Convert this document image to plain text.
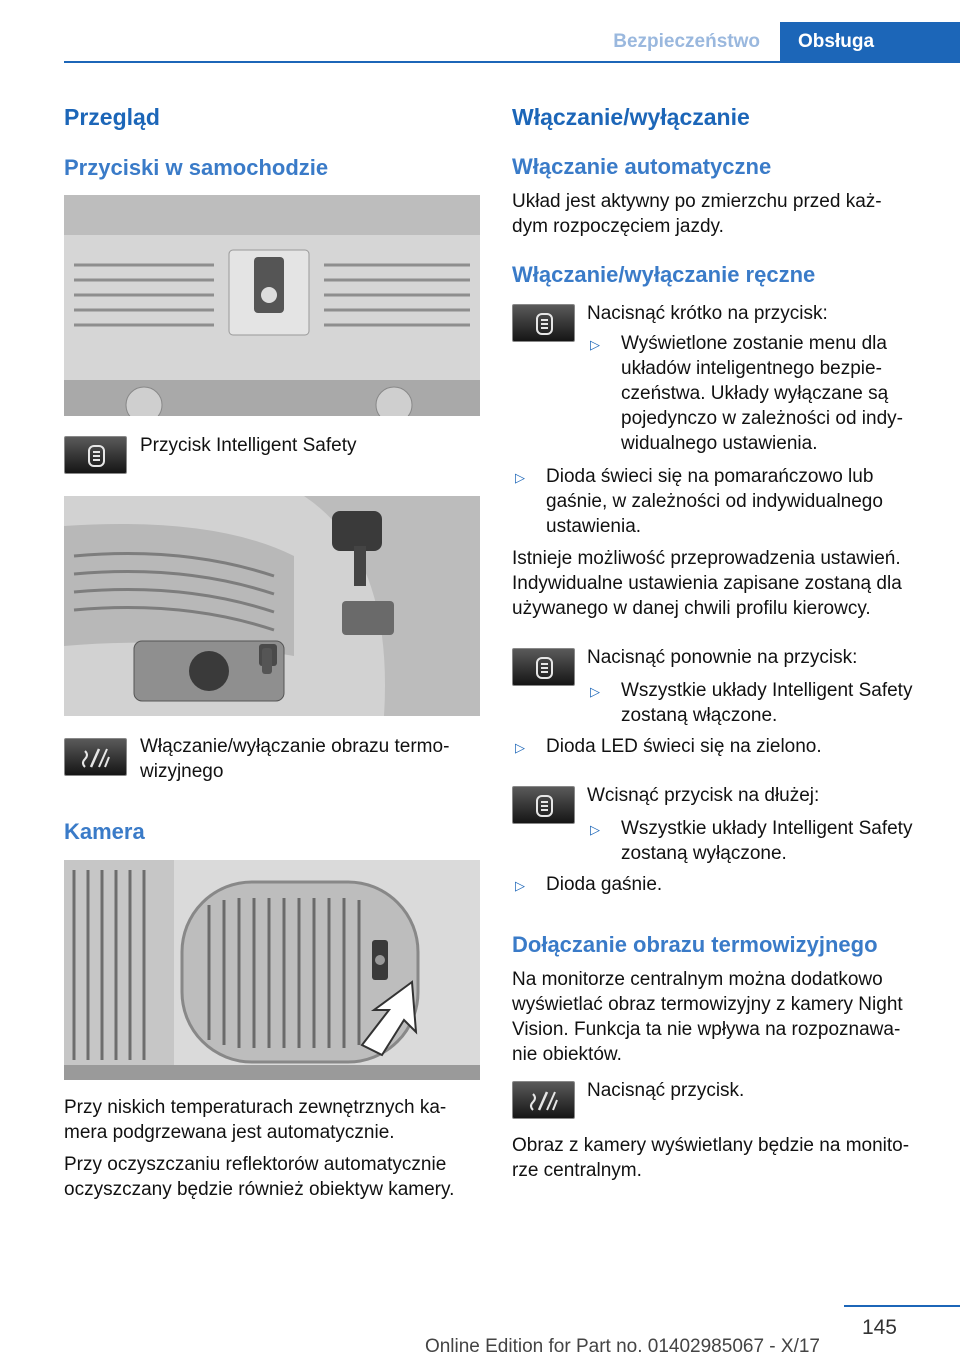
Bezpieczeństwo	Obsługa
Przegląd
Przyciski w samochodzie
Przycisk Intelligent Safety
Włączanie/wyłączanie obrazu termo‐
wizyjnego
Kamera
Przy niskich temperaturach zewnętrznych ka‐
mera podgrzewana jest automatycznie.
Przy oczyszczaniu reflektorów automatycznie
oczyszczany będzie również obiektyw kamery.
Włączanie/wyłączanie
Włączanie automatyczne
Układ jest aktywny po zmierzchu przed każ‐
dym rozpoczęciem jazdy.
Włączanie/wyłączanie ręczne
Nacisnąć krótko na przycisk:
▷ Wyświetlone zostanie menu dla
układów inteligentnego bezpie‐
czeństwa. Układy wyłączane są
pojedynczo w zależności od indy‐
widualnego ustawienia.
▷ Dioda świeci się na pomarańczowo lub
gaśnie, w zależności od indywidualnego
ustawienia.
Istnieje możliwość przeprowadzenia ustawień.
Indywidualne ustawienia zapisane zostaną dla
używanego w danej chwili profilu kierowcy.
Nacisnąć ponownie na przycisk:
▷ Wszystkie układy Intelligent Safety
zostaną włączone.
▷ Dioda LED świeci się na zielono.
Wcisnąć przycisk na dłużej:
▷ Wszystkie układy Intelligent Safety
zostaną wyłączone.
▷ Dioda gaśnie.
Dołączanie obrazu termowizyjnego
Na monitorze centralnym można dodatkowo
wyświetlać obraz termowizyjny z kamery Night
Vision. Funkcja ta nie wpływa na rozpoznawa‐
nie obiektów.
Nacisnąć przycisk.
Obraz z kamery wyświetlany będzie na monito‐
rze centralnym.
145
Online Edition for Part no. 01402985067 - X/17
